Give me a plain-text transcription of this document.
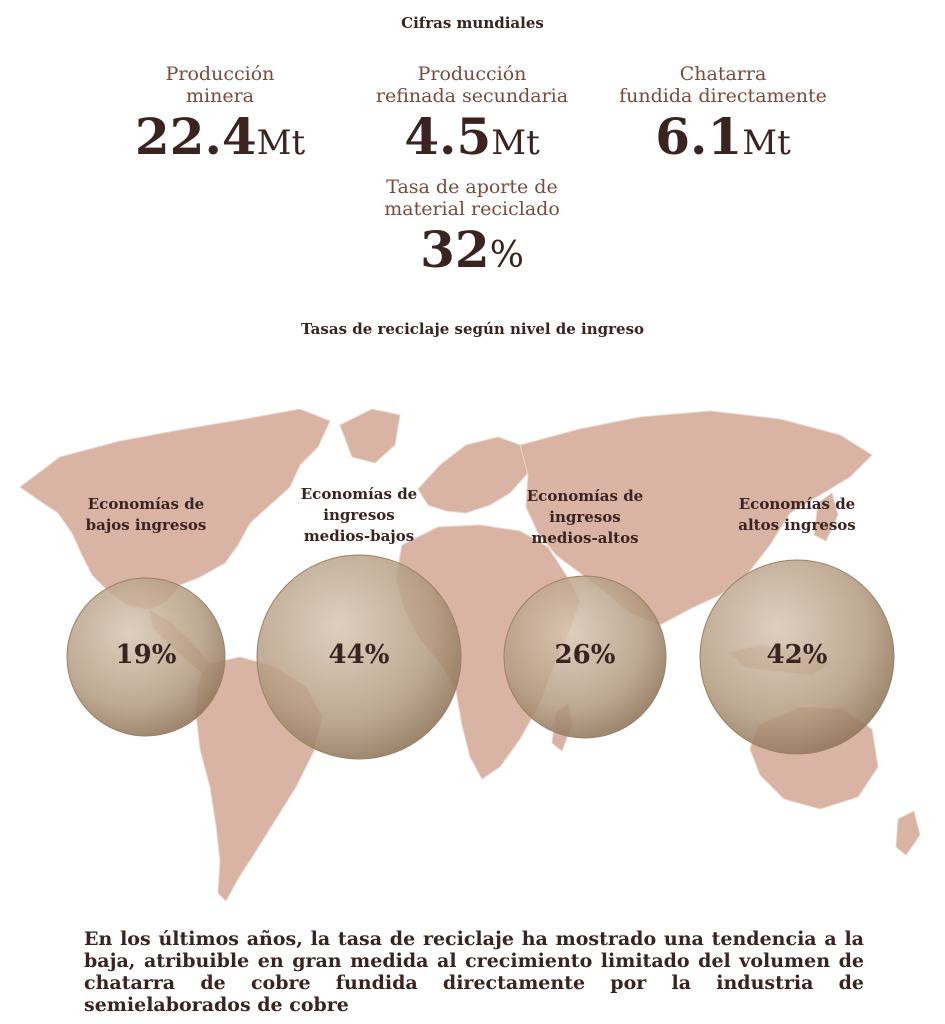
Cifras mundiales
Producción
minera
22.4Mt
Producción
refinada secundaria
4.5Mt
Chatarra
fundida directamente
6.1Mt
Tasa de aporte de
material reciclado
32%
Tasas de reciclaje según nivel de ingreso
Economías de
bajos ingresos
Economías de
ingresos
medios-bajos
Economías de
ingresos
medios-altos
Economías de
altos ingresos
19%	44%	26%	42%
En los últimos años, la tasa de reciclaje ha mostrado una tendencia a la baja, atribuible en gran medida al crecimiento limitado del volumen de chatarra de cobre fundida directamente por la industria de semielaborados de cobre
